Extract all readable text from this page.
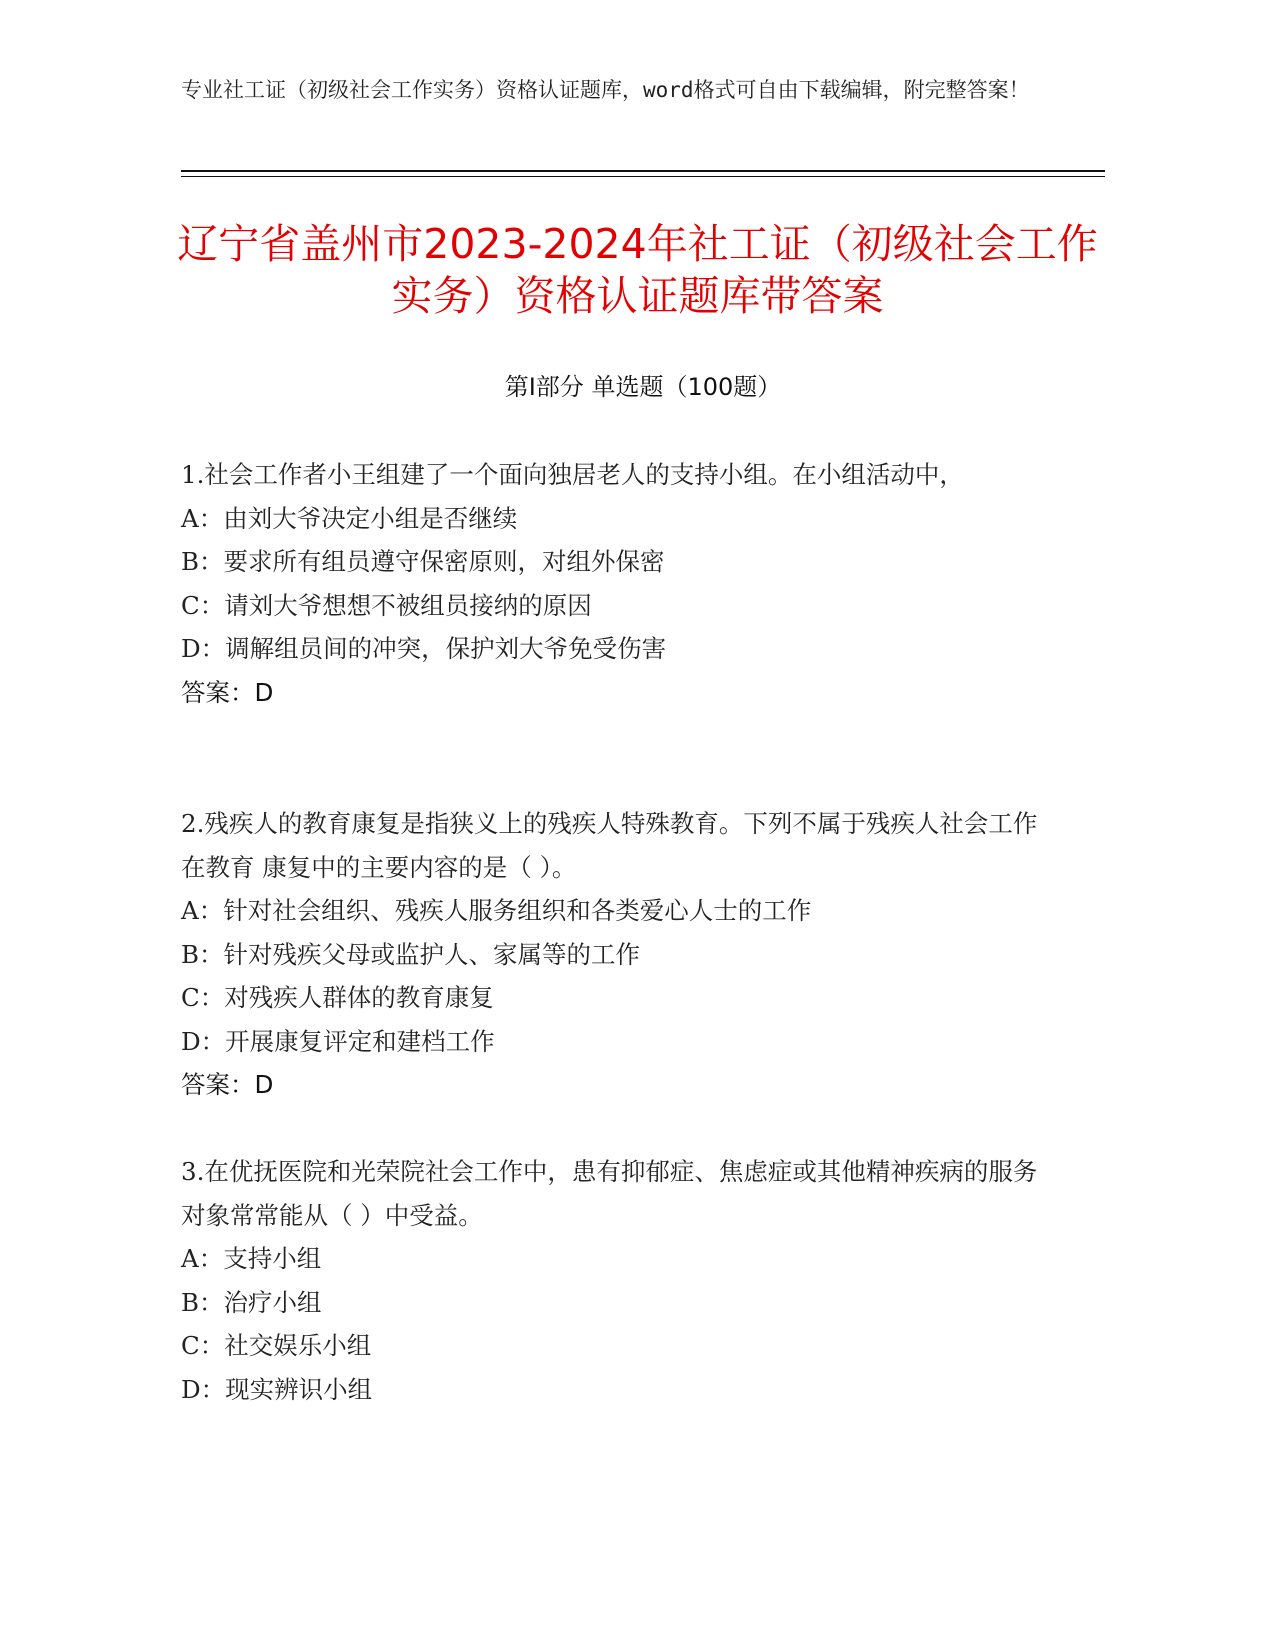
专业社工证（初级社会工作实务）资格认证题库，word格式可自由下载编辑，附完整答案！
辽宁省盖州市2023-2024年社工证（初级社会工作实务）资格认证题库带答案
第Ⅰ部分 单选题（100题）
1.社会工作者小王组建了一个面向独居老人的支持小组。在小组活动中，
A：由刘大爷决定小组是否继续
B：要求所有组员遵守保密原则，对组外保密
C：请刘大爷想想不被组员接纳的原因
D：调解组员间的冲突，保护刘大爷免受伤害
答案：D
2.残疾人的教育康复是指狭义上的残疾人特殊教育。下列不属于残疾人社会工作在教育 康复中的主要内容的是（ ）。
A：针对社会组织、残疾人服务组织和各类爱心人士的工作
B：针对残疾父母或监护人、家属等的工作
C：对残疾人群体的教育康复
D：开展康复评定和建档工作
答案：D
3.在优抚医院和光荣院社会工作中，患有抑郁症、焦虑症或其他精神疾病的服务对象常常能从（ ）中受益。
A：支持小组
B：治疗小组
C：社交娱乐小组
D：现实辨识小组
